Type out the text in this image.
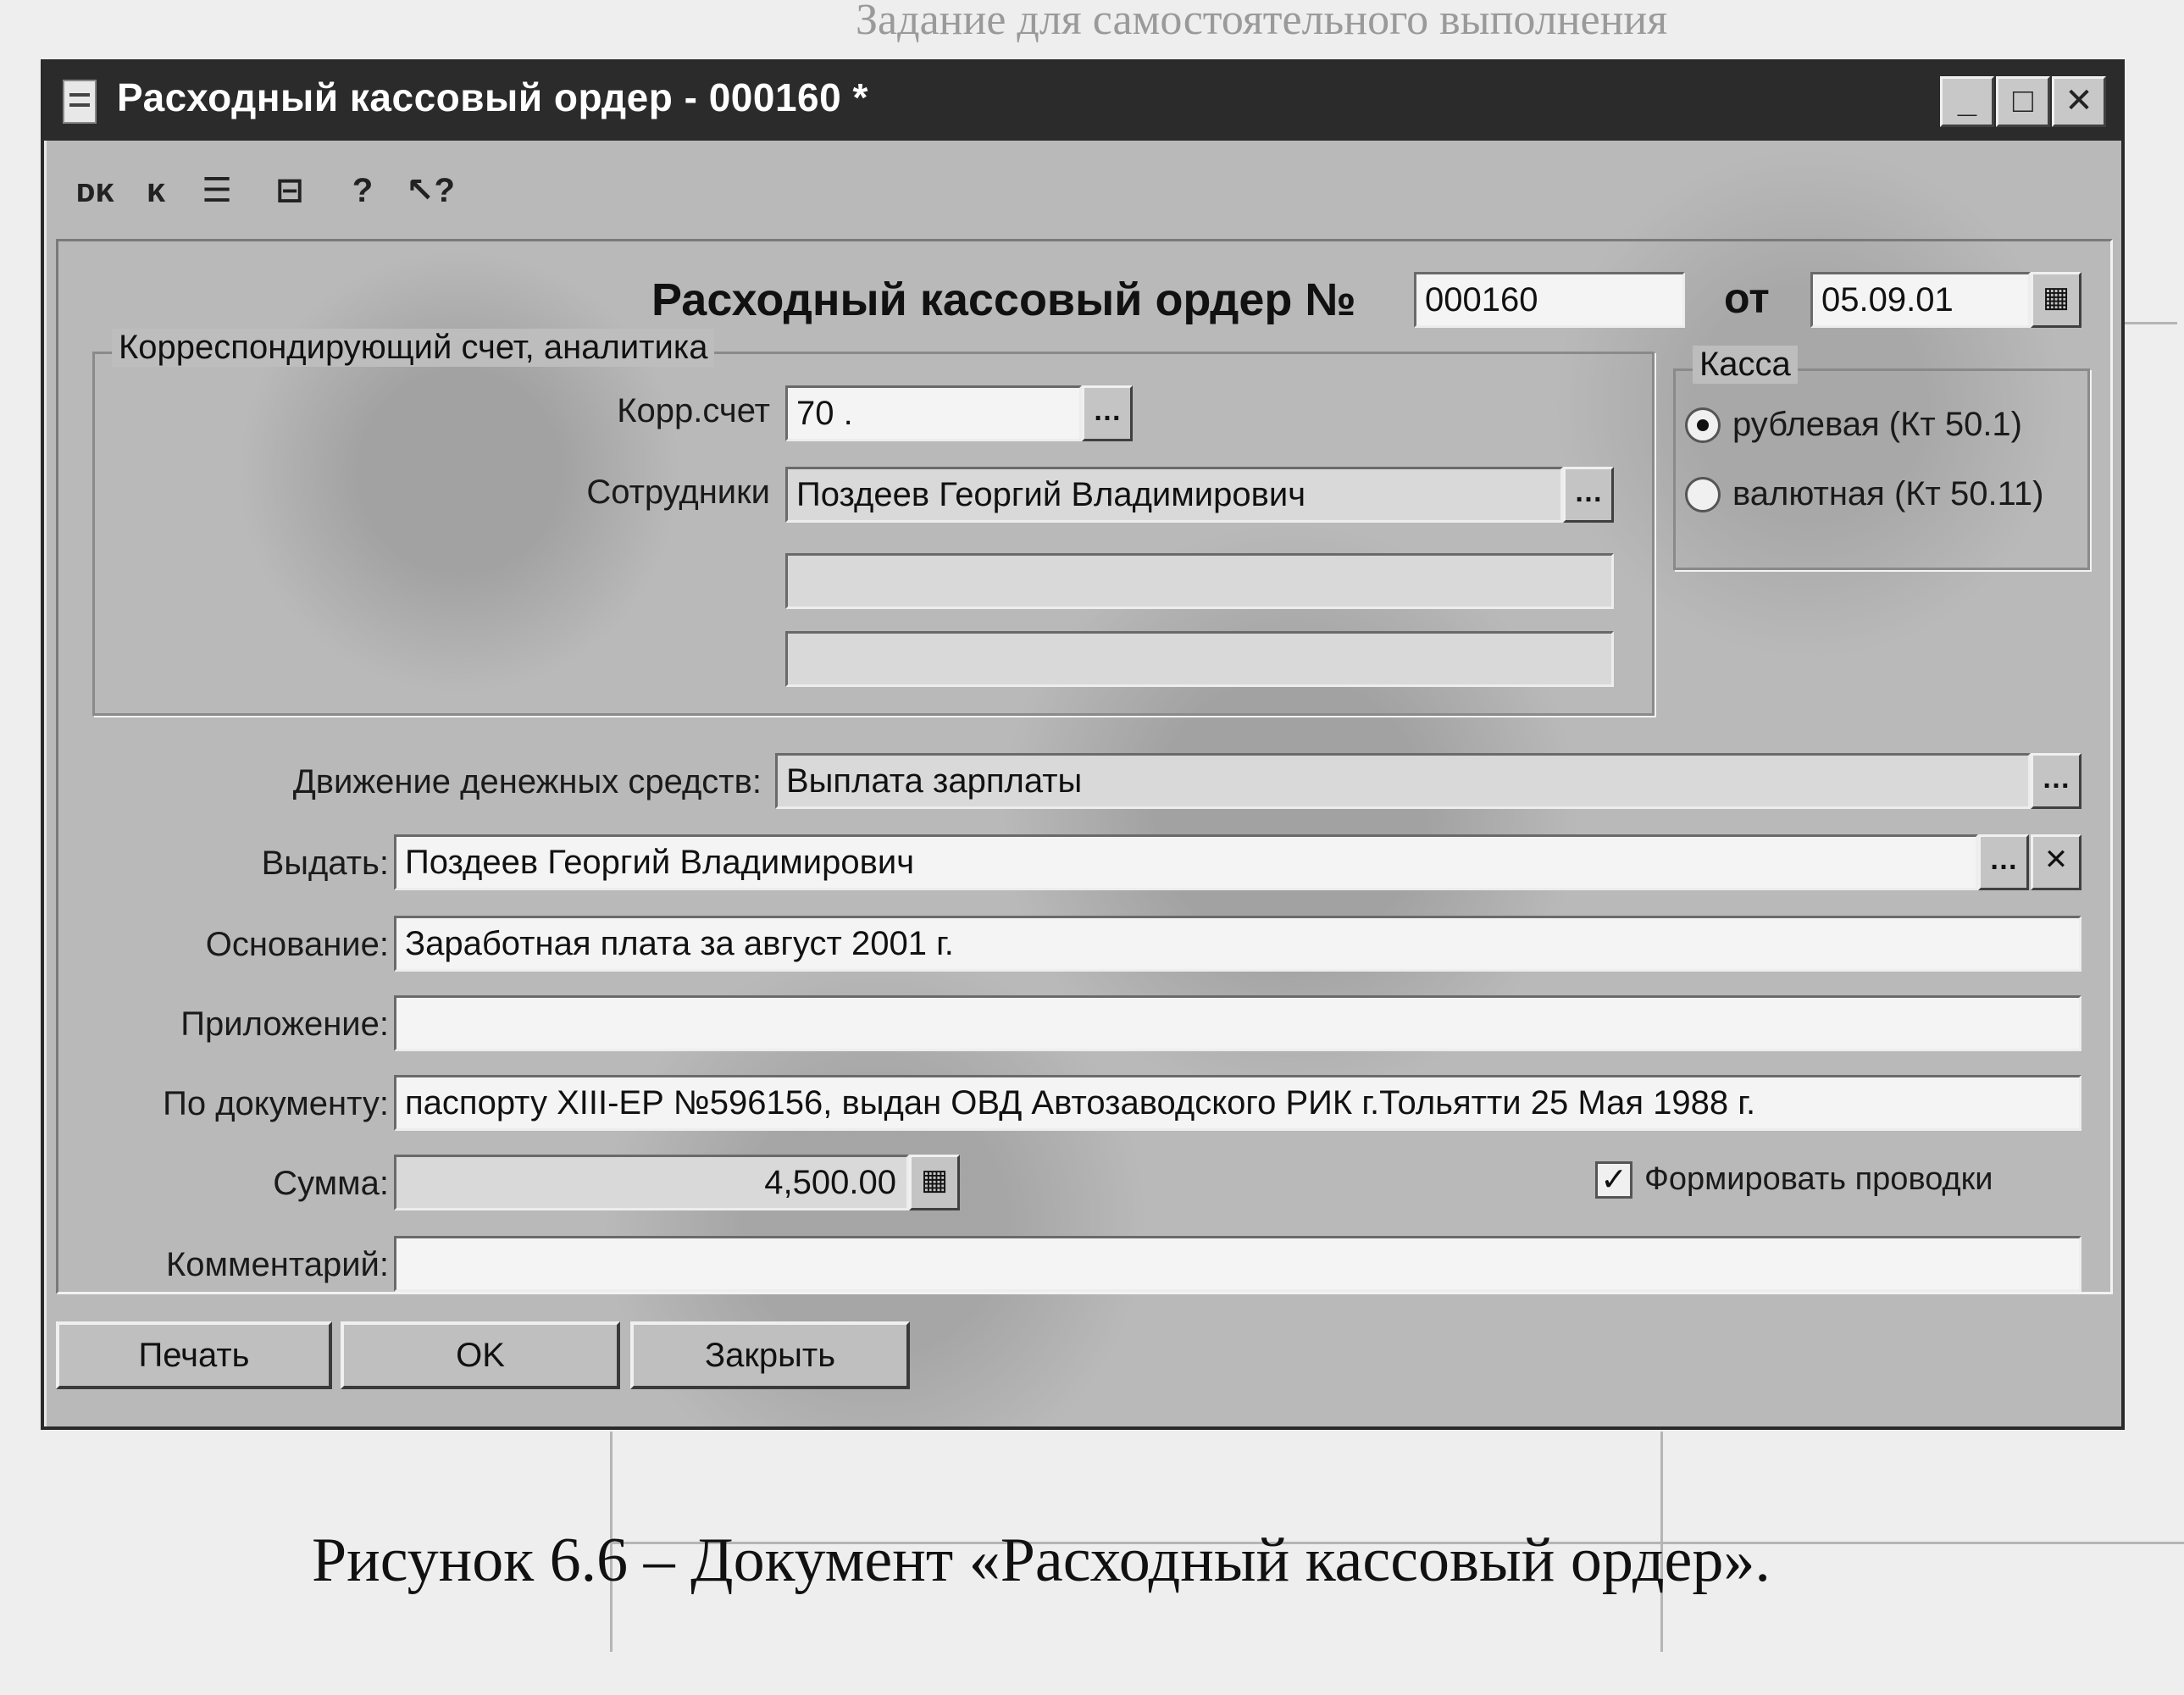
Задание для самостоятельного выполнения
Расходный кассовый ордер - 000160 *	_	□ ✕
ᴅᴋ ᴋ	☰	⊟	? ↖?
Расходный кассовый ордер №	000160	от	05.09.01	▦
Корреспондирующий счет, аналитика
Корр.счет 70 .	…
Сотрудники Поздеев Георгий Владимирович	…
Касса
рублевая (Кт 50.1)
валютная (Кт 50.11)
Движение денежных средств: Выплата зарплаты	…
Выдать: Поздеев Георгий Владимирович	… ✕
Основание: Заработная плата за август 2001 г.
Приложение:
По документу: паспорту XIII-ЕР №596156, выдан ОВД Автозаводского РИК г.Тольятти 25 Мая 1988 г.
Сумма:	4,500.00 ▦	✓ Формировать проводки
Комментарий:
Печать	OK	Закрыть
Рисунок 6.6 – Документ «Расходный кассовый ордер».
